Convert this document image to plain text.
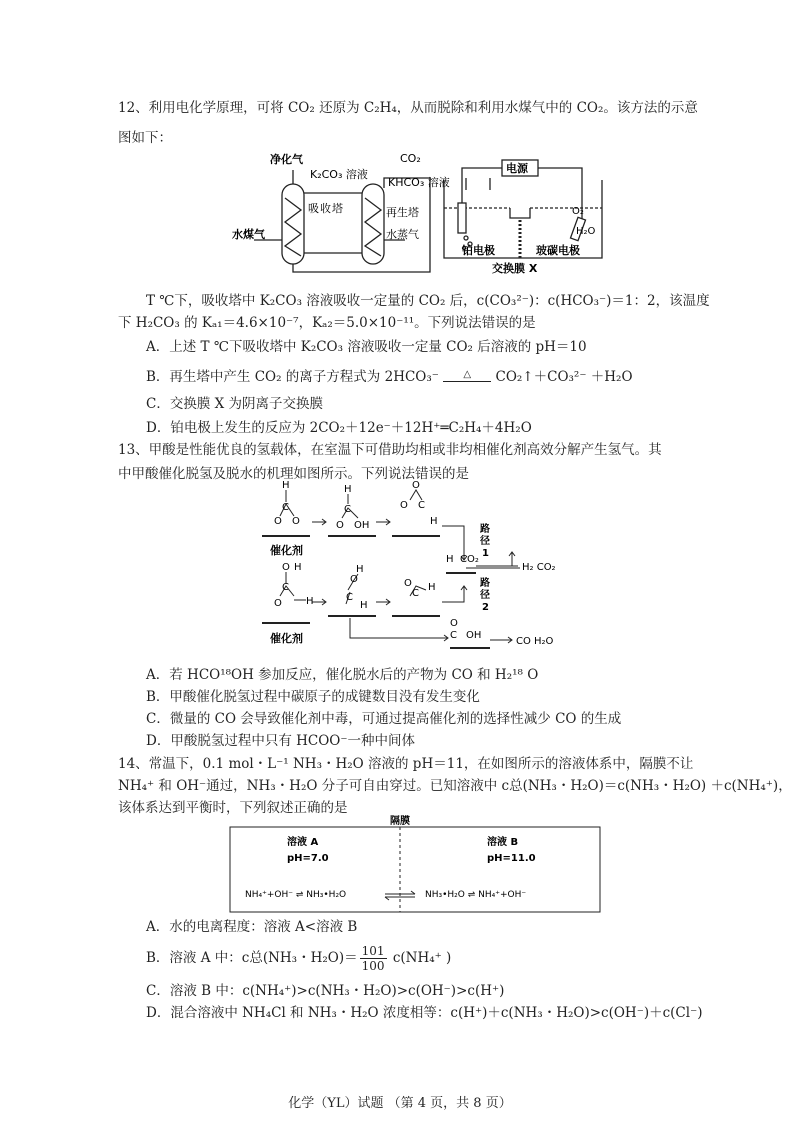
12、利用电化学原理，可将 CO₂ 还原为 C₂H₄，从而脱除和利用水煤气中的 CO₂。该方法的示意
图如下：
净化气
K₂CO₃ 溶液
CO₂
KHCO₃ 溶液
电源
吸 收 塔	再生塔
水煤气	水蒸气
O₂
H₂O
铂电极	玻碳电极
交换膜 X
T ℃下，吸收塔中 K₂CO₃ 溶液吸收一定量的 CO₂ 后，c(CO₃²⁻)：c(HCO₃⁻)＝1：2，该温度
下 H₂CO₃ 的 Kₐ₁＝4.6×10⁻⁷，Kₐ₂＝5.0×10⁻¹¹。下列说法错误的是
A．上述 T ℃下吸收塔中 K₂CO₃ 溶液吸收一定量 CO₂ 后溶液的 pH＝10
B．再生塔中产生 CO₂ 的离子方程式为 2HCO₃⁻ △ CO₂↑＋CO₃²⁻ ＋H₂O
C．交换膜 X 为阴离子交换膜
D．铂电极上发生的反应为 2CO₂＋12e⁻＋12H⁺═C₂H₄＋4H₂O
13、甲酸是性能优良的氢载体，在室温下可借助均相或非均相催化剂高效分解产生氢气。其
中甲酸催化脱氢及脱水的机理如图所示。下列说法错误的是
H
C
O O
H
C
O OH
O
O C
H
O H
C
O H
H
O
C
H
O
C
H
H CO₂
O
C OH
催化剂
催化剂
路
径
1
路
径
2
H₂ CO₂
CO H₂O
A．若 HCO¹⁸OH 参加反应，催化脱水后的产物为 CO 和 H₂¹⁸ O
B．甲酸催化脱氢过程中碳原子的成键数目没有发生变化
C．微量的 CO 会导致催化剂中毒，可通过提高催化剂的选择性减少 CO 的生成
D．甲酸脱氢过程中只有 HCOO⁻一种中间体
14、常温下，0.1 mol・L⁻¹ NH₃・H₂O 溶液的 pH＝11，在如图所示的溶液体系中，隔膜不让
NH₄⁺ 和 OH⁻通过，NH₃・H₂O 分子可自由穿过。已知溶液中 c总(NH₃・H₂O)＝c(NH₃・H₂O) ＋c(NH₄⁺)，
该体系达到平衡时，下列叙述正确的是
隔膜
溶液 A
pH=7.0
溶液 B
pH=11.0
NH₄⁺+OH⁻ ⇌ NH₃•H₂O	NH₃•H₂O ⇌ NH₄⁺+OH⁻
A．水的电离程度：溶液 A<溶液 B
B．溶液 A 中：c总(NH₃・$H_2O)= \frac{101}{100} c(NH_4^+$ )
C．溶液 B 中：c(NH₄⁺)>c(NH₃・H₂O)>c(OH⁻)>c(H⁺)
D．混合溶液中 NH₄Cl 和 NH₃・H₂O 浓度相等：c(H⁺)＋c(NH₃・H₂O)>c(OH⁻)＋c(Cl⁻)
化学（YL）试题 （第 4 页，共 8 页）
